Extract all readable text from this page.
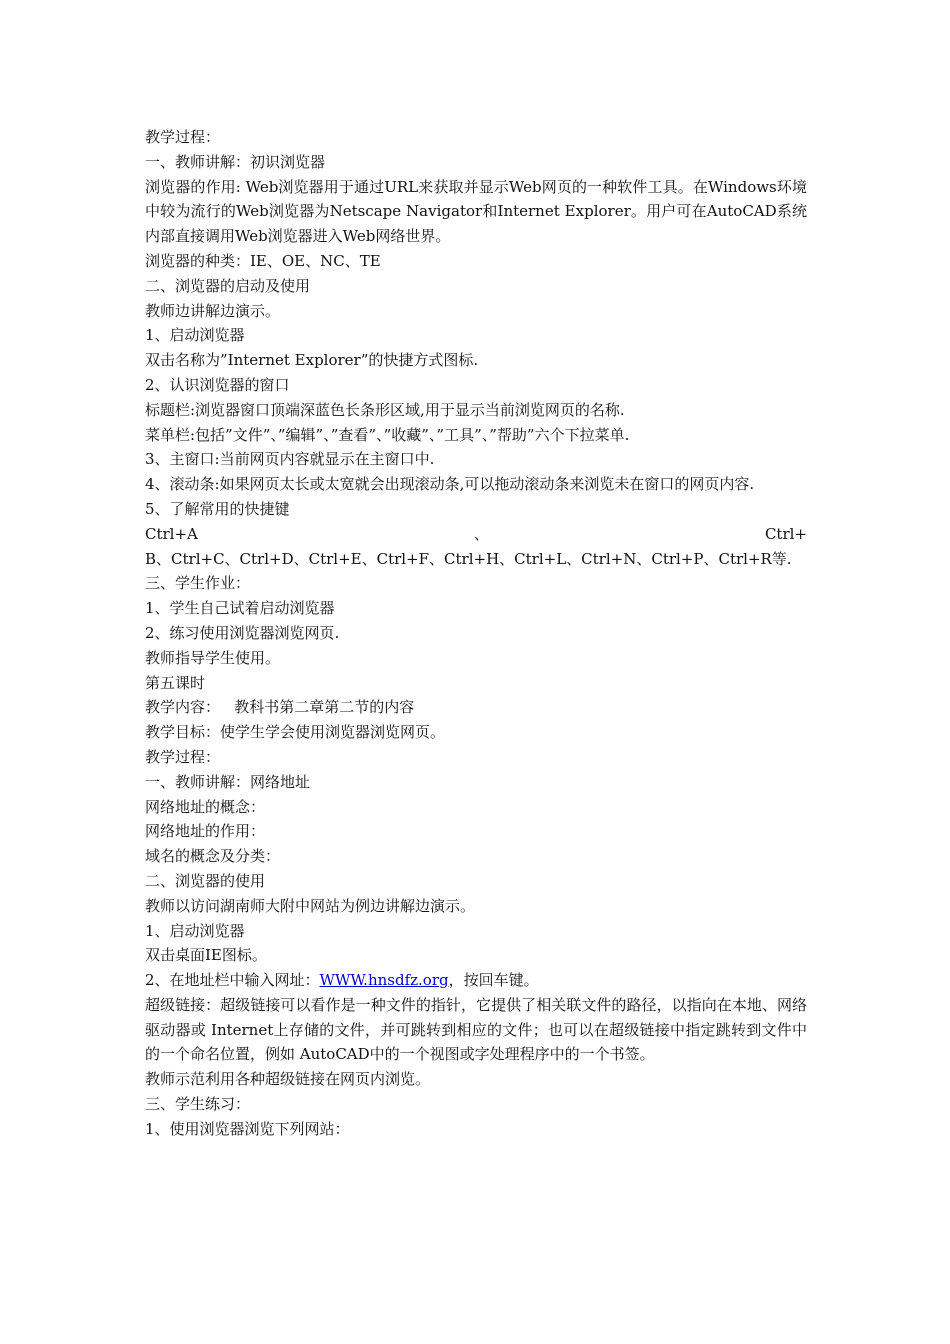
教学过程：

一、教师讲解：初识浏览器

浏览器的作用: Web浏览器用于通过URL来获取并显示Web网页的一种软件工具。在Windows环境中较为流行的Web浏览器为Netscape Navigator和Internet Explorer。用户可在AutoCAD系统内部直接调用Web浏览器进入Web网络世界。

浏览器的种类：IE、OE、NC、TE

二、浏览器的启动及使用

教师边讲解边演示。

1、启动浏览器

双击名称为”Internet Explorer”的快捷方式图标.

2、认识浏览器的窗口

标题栏:浏览器窗口顶端深蓝色长条形区域,用于显示当前浏览网页的名称.

菜单栏:包括”文件”、”编辑”、”查看”、”收藏”、”工具”、”帮助”六个下拉菜单.

3、主窗口:当前网页内容就显示在主窗口中.

4、滚动条:如果网页太长或太宽就会出现滚动条,可以拖动滚动条来浏览未在窗口的网页内容.

5、了解常用的快捷键

Ctrl+A	、	Ctrl+

B、Ctrl+C、Ctrl+D、Ctrl+E、Ctrl+F、Ctrl+H、Ctrl+L、Ctrl+N、Ctrl+P、Ctrl+R等.

三、学生作业：

1、学生自己试着启动浏览器

2、练习使用浏览器浏览网页.

教师指导学生使用。

第五课时

教学内容：   教科书第二章第二节的内容

教学目标：使学生学会使用浏览器浏览网页。

教学过程：

一、教师讲解：网络地址

网络地址的概念：

网络地址的作用：

域名的概念及分类：

二、浏览器的使用

教师以访问湖南师大附中网站为例边讲解边演示。

1、启动浏览器

双击桌面IE图标。

2、在地址栏中输入网址：WWW.hnsdfz.org，按回车键。

超级链接：超级链接可以看作是一种文件的指针，它提供了相关联文件的路径，以指向在本地、网络驱动器或 Internet上存储的文件，并可跳转到相应的文件；也可以在超级链接中指定跳转到文件中的一个命名位置，例如 AutoCAD中的一个视图或字处理程序中的一个书签。

教师示范利用各种超级链接在网页内浏览。

三、学生练习：

1、使用浏览器浏览下列网站：
